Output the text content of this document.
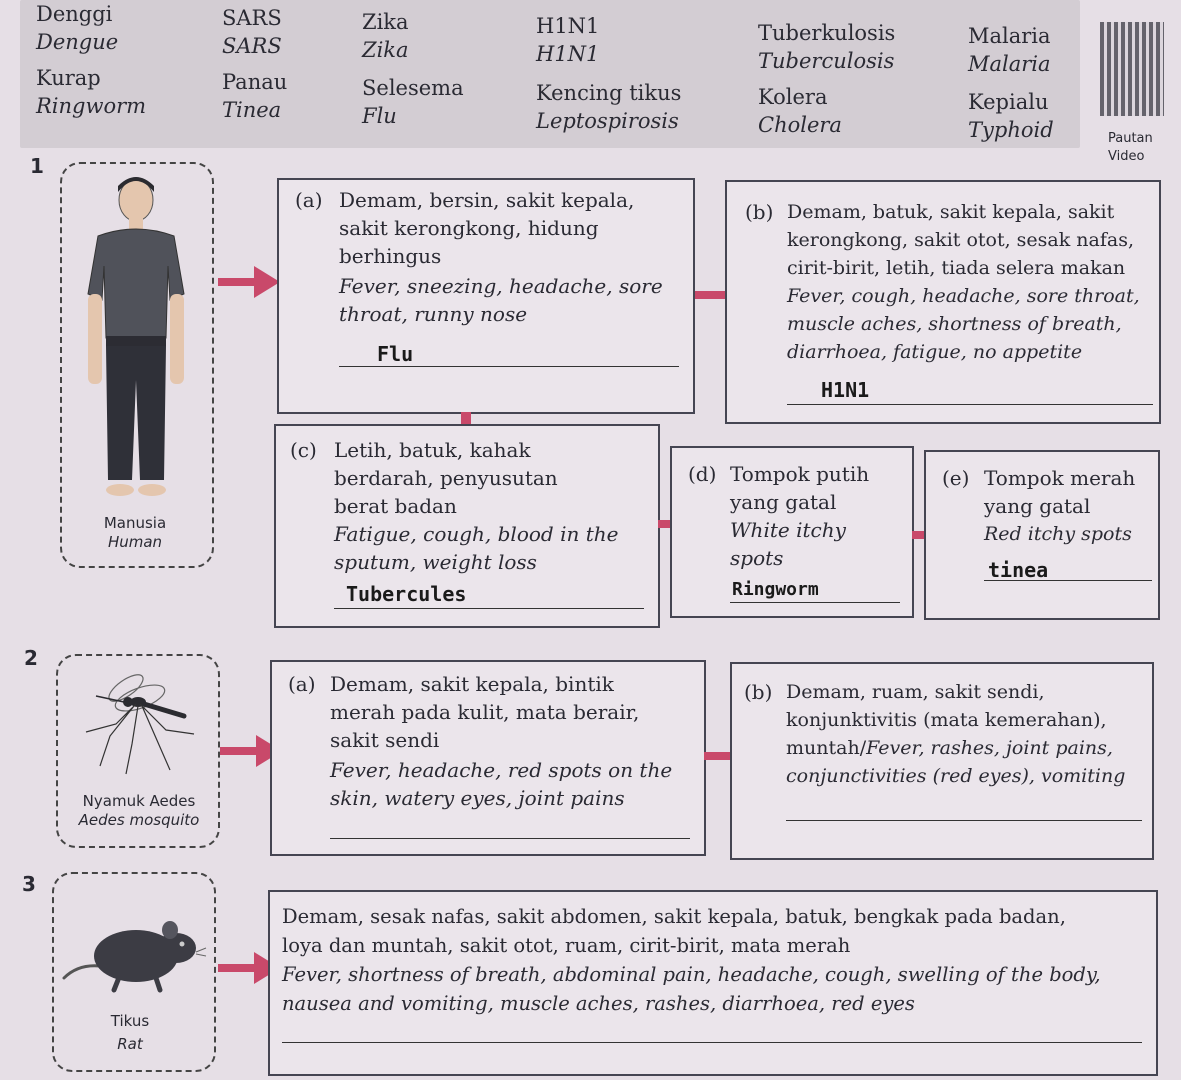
Denggi
Dengue
SARS
SARS
Zika
Zika
H1N1
H1N1
Tuberkulosis
Tuberculosis
Malaria
Malaria
Kurap
Ringworm
Panau
Tinea
Selesema
Flu
Kencing tikus
Leptospirosis
Kolera
Cholera
Kepialu
Typhoid	Pautan
Video
1
Manusia
Human
(a) Demam, bersin, sakit kepala,
sakit kerongkong, hidung
berhingus
Fever, sneezing, headache, sore
throat, runny nose
Flu
(b) Demam, batuk, sakit kepala, sakit
kerongkong, sakit otot, sesak nafas,
cirit-birit, letih, tiada selera makan
Fever, cough, headache, sore throat,
muscle aches, shortness of breath,
diarrhoea, fatigue, no appetite
H1N1
(c) Letih, batuk, kahak
berdarah, penyusutan
berat badan
Fatigue, cough, blood in the
sputum, weight loss
Tubercules
(d) Tompok putih
yang gatal
White itchy
spots
Ringworm
(e) Tompok merah
yang gatal
Red itchy spots
tinea
2
Nyamuk Aedes
Aedes mosquito
(a) Demam, sakit kepala, bintik
merah pada kulit, mata berair,
sakit sendi
Fever, headache, red spots on the
skin, watery eyes, joint pains
(b) Demam, ruam, sakit sendi,
konjunktivitis (mata kemerahan),
muntah/Fever, rashes, joint pains,
conjunctivities (red eyes), vomiting
3
Tikus
Rat
Demam, sesak nafas, sakit abdomen, sakit kepala, batuk, bengkak pada badan,
loya dan muntah, sakit otot, ruam, cirit-birit, mata merah
Fever, shortness of breath, abdominal pain, headache, cough, swelling of the body,
nausea and vomiting, muscle aches, rashes, diarrhoea, red eyes
